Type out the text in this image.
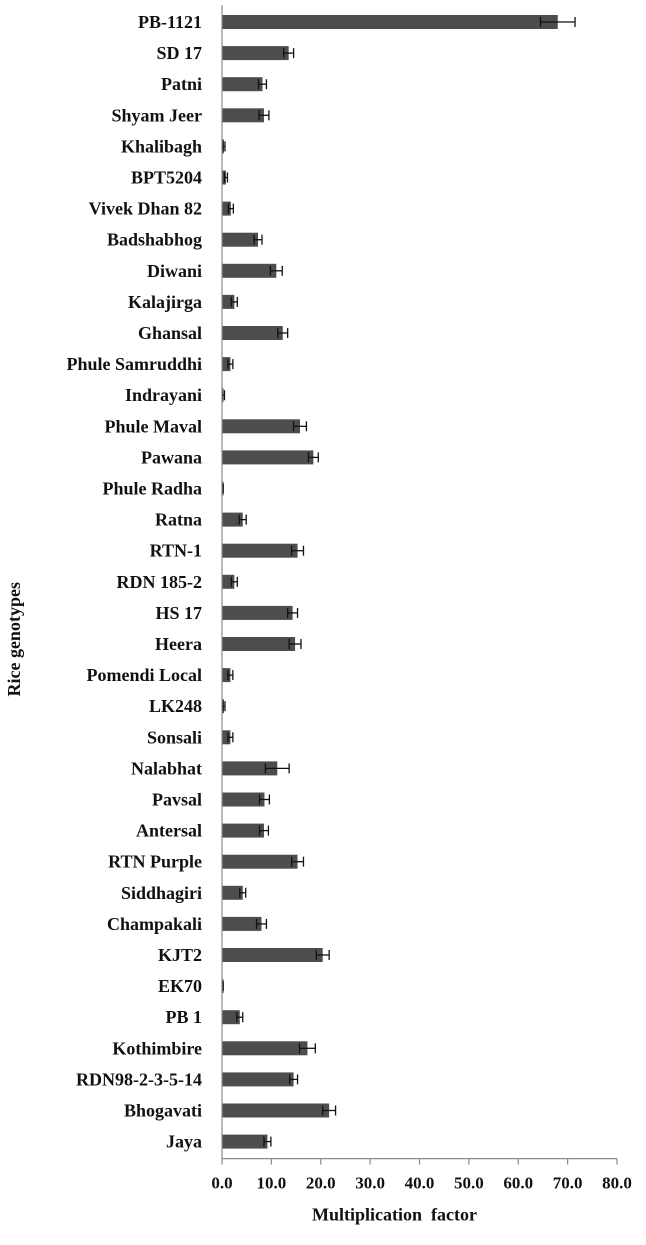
PB-1121
SD 17
Patni
Shyam Jeer
Khalibagh
BPT5204
Vivek Dhan 82
Badshabhog
Diwani
Kalajirga
Ghansal
Phule Samruddhi
Indrayani
Phule Maval
Pawana
Phule Radha
Ratna
RTN-1
RDN 185-2
HS 17
Heera
Pomendi Local
LK248
Sonsali
Nalabhat
Pavsal
Antersal
RTN Purple
Siddhagiri
Champakali
KJT2
EK70
PB 1
Kothimbire
RDN98-2-3-5-14
Bhogavati
Jaya
0.0 10.0 20.0 30.0 40.0 50.0 60.0 70.0 80.0
Multiplication  factor
Rice genotypes
